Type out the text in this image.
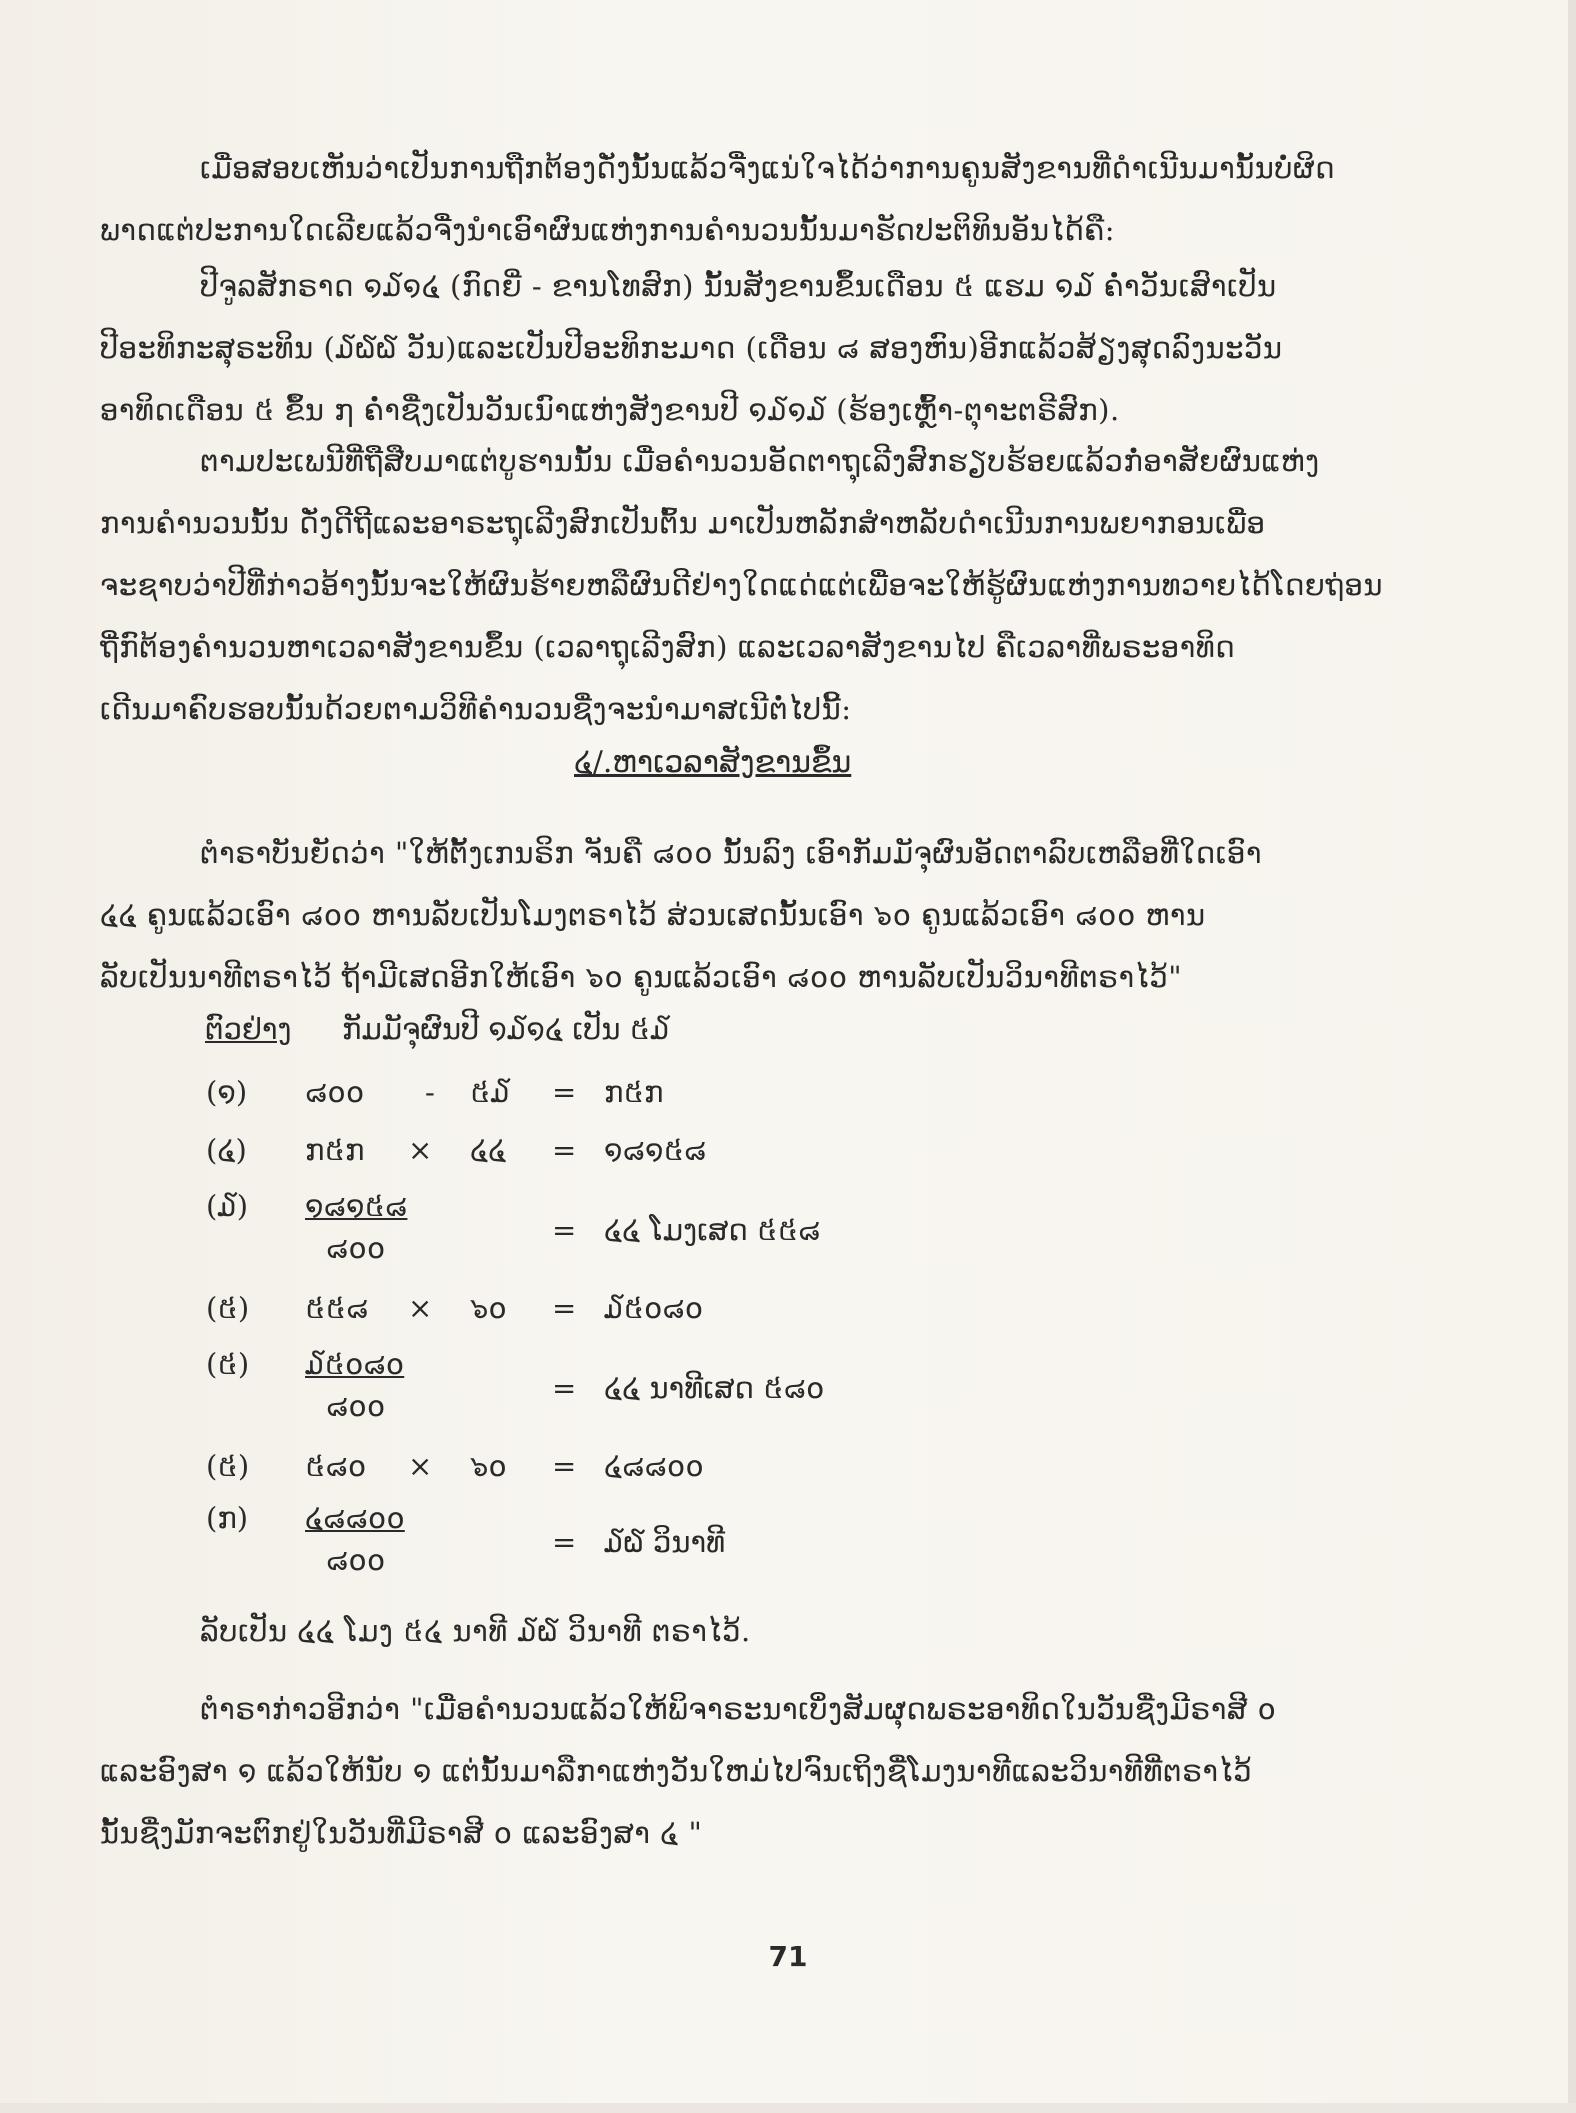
ເມື່ອສອບເຫັນວ່າເປັນການຖືກຕ້ອງດັ່ງນັ້ນແລ້ວຈື່ງແນ່ໃຈໄດ້ວ່າການຄູນສັງຂານທີ່ດໍາເນີນມານັ້ນບໍ່ຜິດ
ພາດແຕ່ປະການໃດເລີຍແລ້ວຈື່ງນໍາເອົາຜົນແຫ່ງການຄໍານວນນັ້ນມາຮັດປະຕິທິນອັນໄດ້ຄື:
ປີຈູລສັກຣາດ ໑໓໑໔ (ກົດຍີ່ - ຂານໂທສົກ) ນັ້ນສັງຂານຂຶ້ນເດືອນ ៥ ແຮມ ໑໓ ຄໍ່າວັນເສົາເປັນ
ປີອະທິກະສຸຣະທິນ (໓໖໖ ວັນ)ແລະເປັນປີອະທິກະມາດ (ເດືອນ ๘ ສອງຫົນ)ອີກແລ້ວສ້ຽງສຸດລົງນະວັນ
ອາທິດເດືອນ ៥ ຂຶ້ນ ໗ ຄໍ່າຊື່ງເປັນວັນເນົາແຫ່ງສັງຂານປີ ໑໓໑໓ (ຮ້ອງເຫຼົ້າ-ຕຸາະຕຣີສົກ).
ຕາມປະເພນີທີ່ຖືສືບມາແຕ່ບູຮານນັ້ນ ເມື່ອຄໍານວນອັດຕາຖຸເລີງສົກຮຽບຮ້ອຍແລ້ວກໍ່ອາສັຍຜົນແຫ່ງ
ການຄໍານວນນັ້ນ ດັ່ງດີຖີແລະອາຣະຖຸເລີງສົກເປັນຕົ້ນ ມາເປັນຫລັກສໍາຫລັບດໍາເນີນການພຍາກອນເພື່ອ
ຈະຊາບວ່າປີທີ່ກ່າວອ້າງນັ້ນຈະໃຫ້ຜົນຮ້າຍຫລືຜົນດີຢ່າງໃດແດ່ແຕ່ເພື່ອຈະໃຫ້ຮູ້ຜົນແຫ່ງການທວາຍໄດ້ໂດຍຖ່ອນ
ຖີ່ກົຕ້ອງຄໍານວນຫາເວລາສັງຂານຂຶ້ນ (ເວລາຖຸເລີງສົກ) ແລະເວລາສັງຂານໄປ ຄືເວລາທີ່ພຣະອາທິດ
ເດີນມາຄົບຮອບນັ້ນດ້ວຍຕາມວິທີຄໍານວນຊື່ງຈະນໍາມາສເນີຕໍ່ໄປນີ້:
໔/.ຫາເວລາສັງຂານຂຶ້ນ
ຕໍາຣາບັນຍັດວ່າ "ໃຫ້ຕັ້ງເກນຣິກ ຈັນຄື ๘໐໐ ນັ້ນລົງ ເອົາກັມມັຈຸຜົນອັດຕາລົບເຫລືອທີ່ໃດເອົາ
໔໔ ຄູນແລ້ວເອົາ ๘໐໐ ຫານລັບເປັນໂມງຕຣາໄວ້ ສ່ວນເສດນັ້ນເອົາ ๖໐ ຄູນແລ້ວເອົາ ๘໐໐ ຫານ
ລັບເປັນນາທີຕຣາໄວ້ ຖ້າມີເສດອີກໃຫ້ເອົາ ๖໐ ຄູນແລ້ວເອົາ ๘໐໐ ຫານລັບເປັນວິນາທີຕຣາໄວ້"
ຕົວຢ່າງ ກັມມັຈຸຜົນປີ ໑໓໑໔ ເປັນ ៥໓
(໑) ๘໐໐ - ៥໓ = ກ៥ກ
(໔) ກ៥ກ × ໔໔ = ໑๘໑៥๘
(໓) ໑๘໑៥๘
๘໐໐
= ໔໔ ໂມງເສດ ៥៥๘
(៥) ៥៥๘ × ๖໐ = ໓៥໐๘໐
(៥) ໓៥໐๘໐
๘໐໐
= ໔໔ ນາທີເສດ ៥๘໐
(៥) ៥๘໐ × ๖໐ = ໔๘๘໐໐
(ກ) ໔๘๘໐໐
๘໐໐
= ໓໖ ວິນາທີ
ລັບເປັນ ໔໔ ໂມງ ៥໔ ນາທີ ໓໖ ວິນາທີ ຕຣາໄວ້.
ຕໍາຣາກ່າວອີກວ່າ "ເມື່ອຄໍານວນແລ້ວໃຫ້ພິຈາຣະນາເບິ່ງສັມຜຸດພຣະອາທິດໃນວັນຊື່ງມີຣາສີ ໐
ແລະອົງສາ ໑ ແລ້ວໃຫ້ນັບ ໑ ແຕ່ນັ້ນມາລືກາແຫ່ງວັນໃຫມ່ໄປຈົນເຖິງຊື່ໂມງນາທີແລະວິນາທີທີ່ຕຣາໄວ້
ນັ້ນຊື່ງມັກຈະຕົກຢູ່ໃນວັນທີ່ມີຣາສີ ໐ ແລະອົງສາ ໔ "
71
